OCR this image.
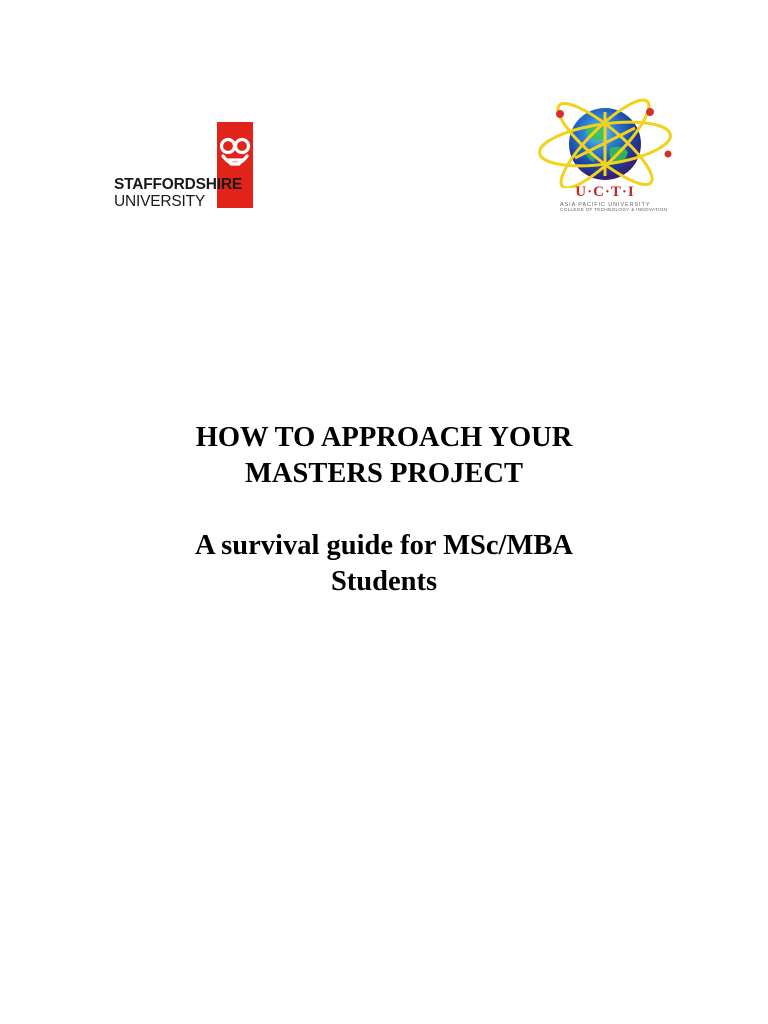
STAFFORDSHIRE
UNIVERSITY
U·C·T·I
ASIA PACIFIC UNIVERSITY
COLLEGE OF TECHNOLOGY & INNOVATION
HOW TO APPROACH YOUR
MASTERS PROJECT
A survival guide for MSc/MBA
Students
